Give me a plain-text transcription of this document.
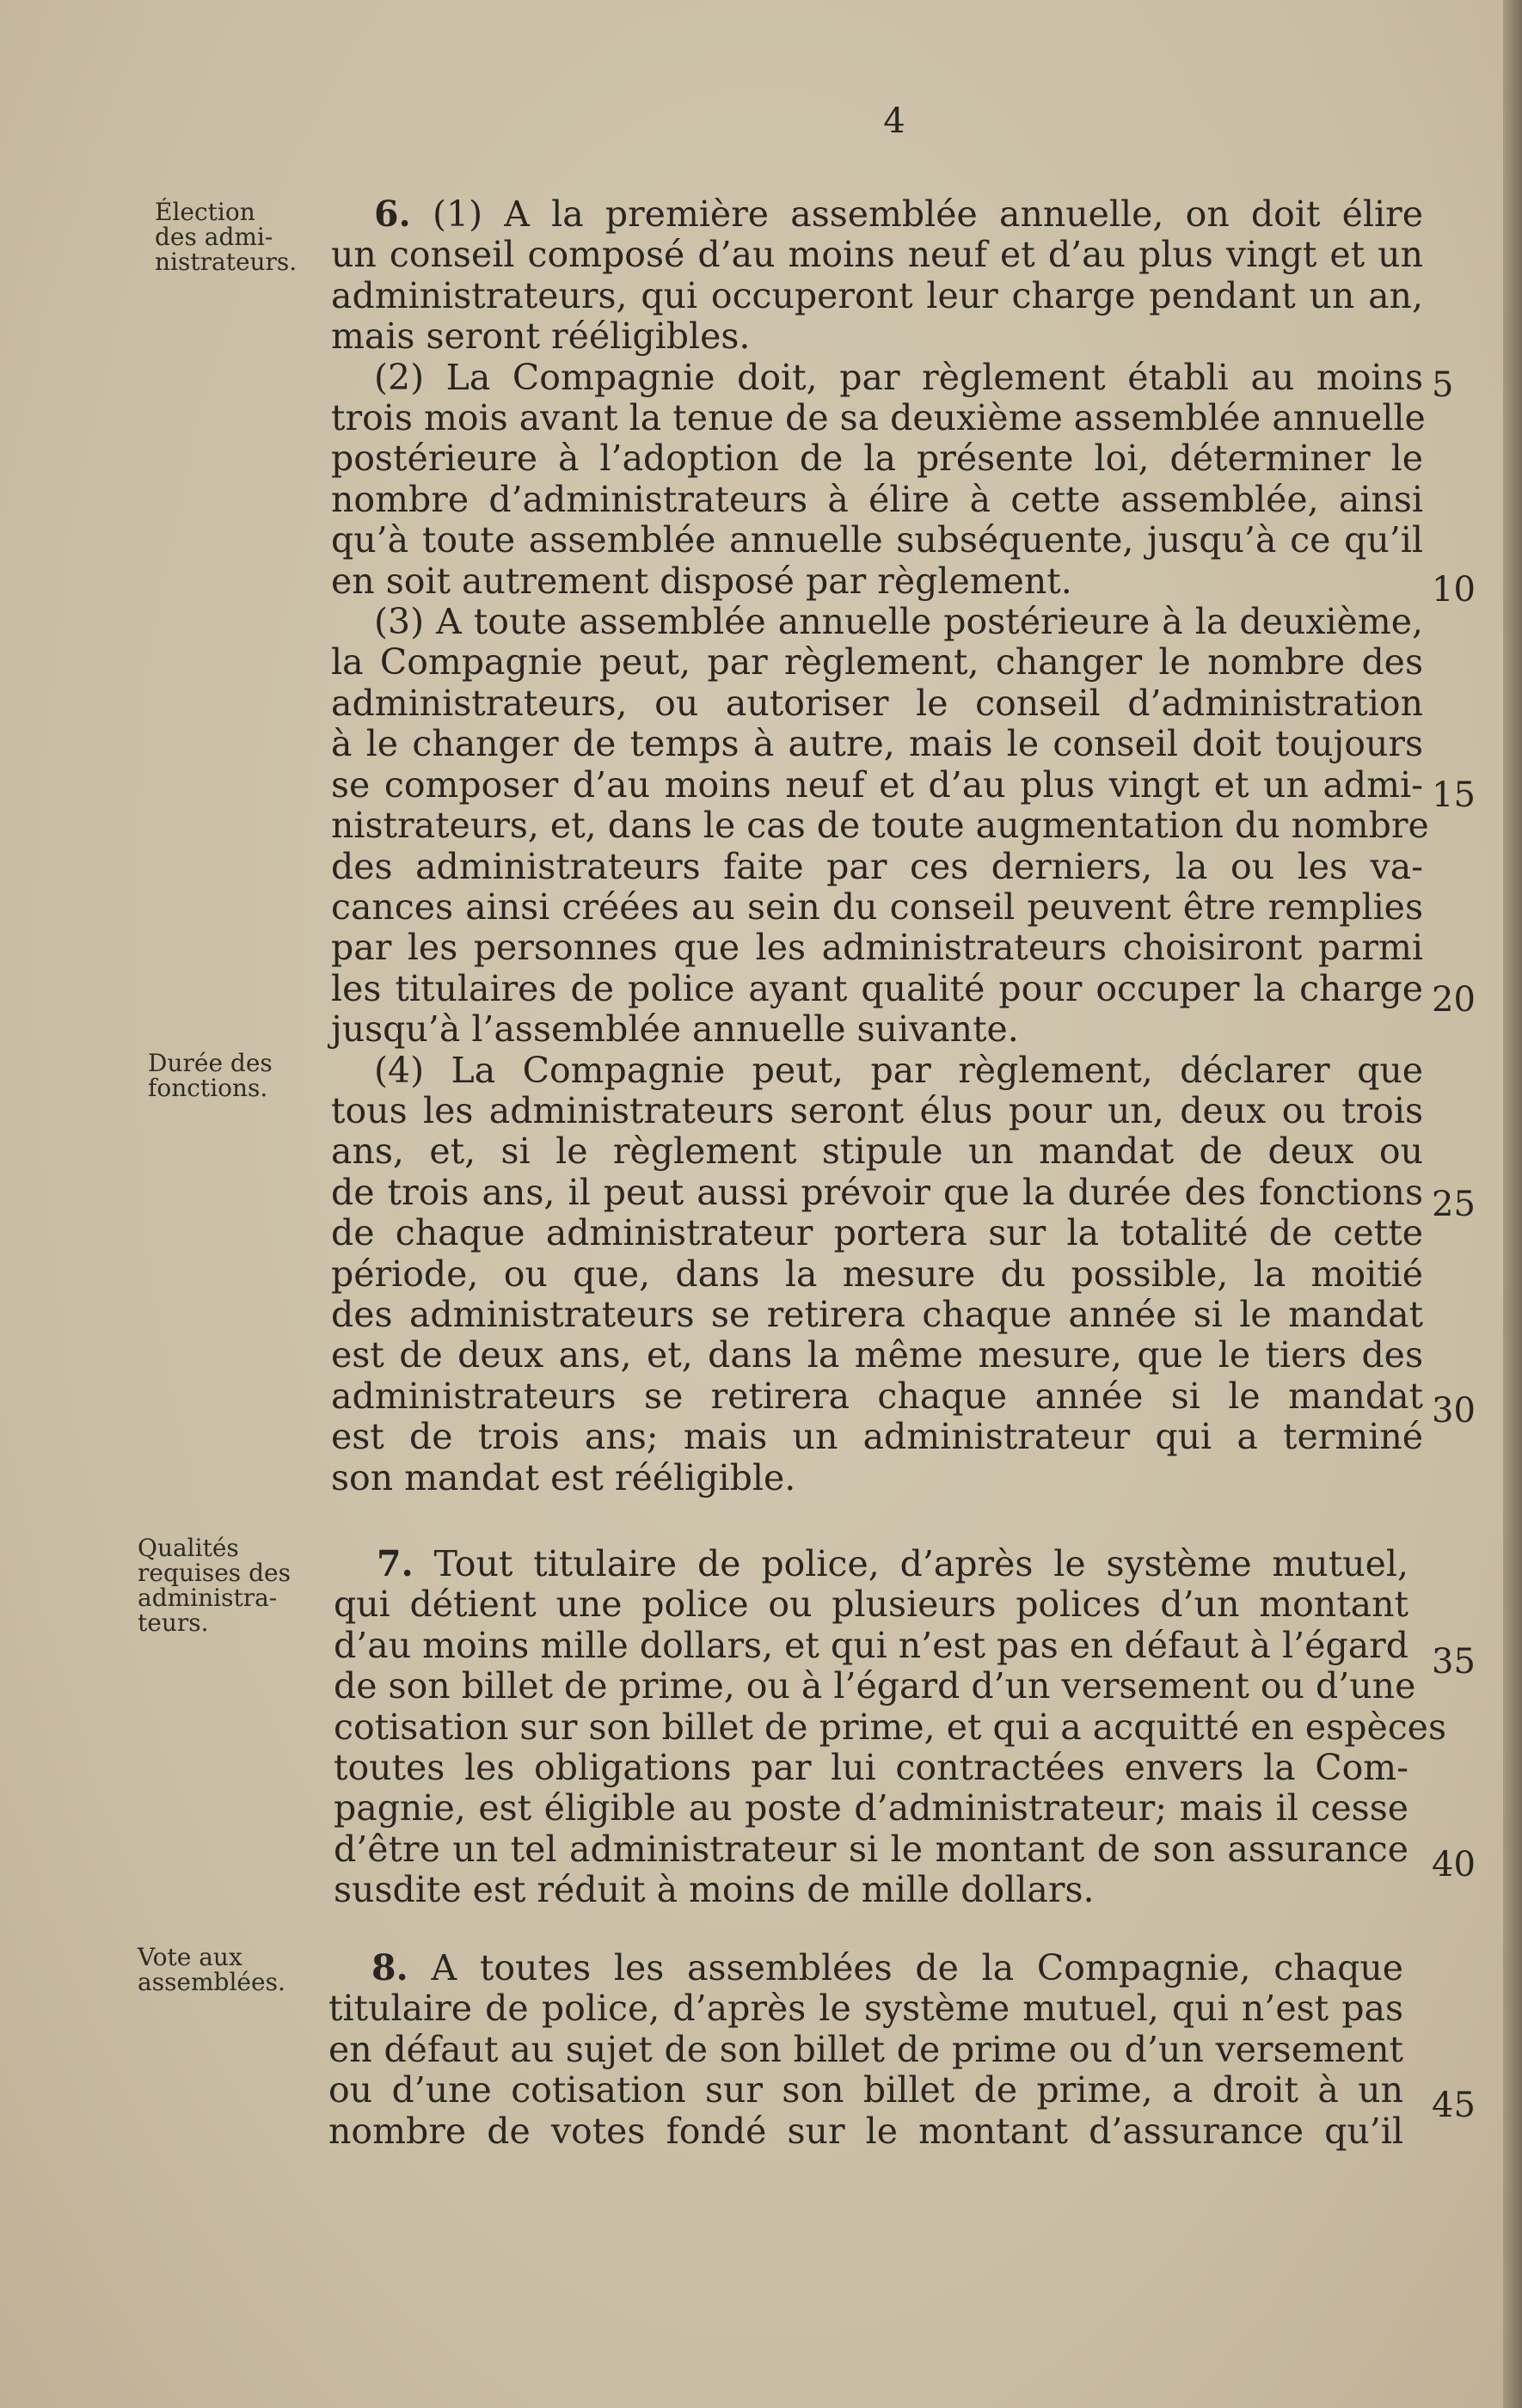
4
Élection
des admi-
nistrateurs.
Durée des
fonctions.
Qualités
requises des
administra-
teurs.
Vote aux
assemblées.
6. (1) A la première assemblée annuelle, on doit élire
un conseil composé d’au moins neuf et d’au plus vingt et un
administrateurs, qui occuperont leur charge pendant un an,
mais seront rééligibles.
(2) La Compagnie doit, par règlement établi au moins
trois mois avant la tenue de sa deuxième assemblée annuelle
postérieure à l’adoption de la présente loi, déterminer le
nombre d’administrateurs à élire à cette assemblée, ainsi
qu’à toute assemblée annuelle subséquente, jusqu’à ce qu’il
en soit autrement disposé par règlement.
(3) A toute assemblée annuelle postérieure à la deuxième,
la Compagnie peut, par règlement, changer le nombre des
administrateurs, ou autoriser le conseil d’administration
à le changer de temps à autre, mais le conseil doit toujours
se composer d’au moins neuf et d’au plus vingt et un admi-
nistrateurs, et, dans le cas de toute augmentation du nombre
des administrateurs faite par ces derniers, la ou les va-
cances ainsi créées au sein du conseil peuvent être remplies
par les personnes que les administrateurs choisiront parmi
les titulaires de police ayant qualité pour occuper la charge
jusqu’à l’assemblée annuelle suivante.
(4) La Compagnie peut, par règlement, déclarer que
tous les administrateurs seront élus pour un, deux ou trois
ans, et, si le règlement stipule un mandat de deux ou
de trois ans, il peut aussi prévoir que la durée des fonctions
de chaque administrateur portera sur la totalité de cette
période, ou que, dans la mesure du possible, la moitié
des administrateurs se retirera chaque année si le mandat
est de deux ans, et, dans la même mesure, que le tiers des
administrateurs se retirera chaque année si le mandat
est de trois ans; mais un administrateur qui a terminé
son mandat est rééligible.
7. Tout titulaire de police, d’après le système mutuel,
qui détient une police ou plusieurs polices d’un montant
d’au moins mille dollars, et qui n’est pas en défaut à l’égard
de son billet de prime, ou à l’égard d’un versement ou d’une
cotisation sur son billet de prime, et qui a acquitté en espèces
toutes les obligations par lui contractées envers la Com-
pagnie, est éligible au poste d’administrateur; mais il cesse
d’être un tel administrateur si le montant de son assurance
susdite est réduit à moins de mille dollars.
8. A toutes les assemblées de la Compagnie, chaque
titulaire de police, d’après le système mutuel, qui n’est pas
en défaut au sujet de son billet de prime ou d’un versement
ou d’une cotisation sur son billet de prime, a droit à un
nombre de votes fondé sur le montant d’assurance qu’il
5
10
15
20
25
30
35
40
45
